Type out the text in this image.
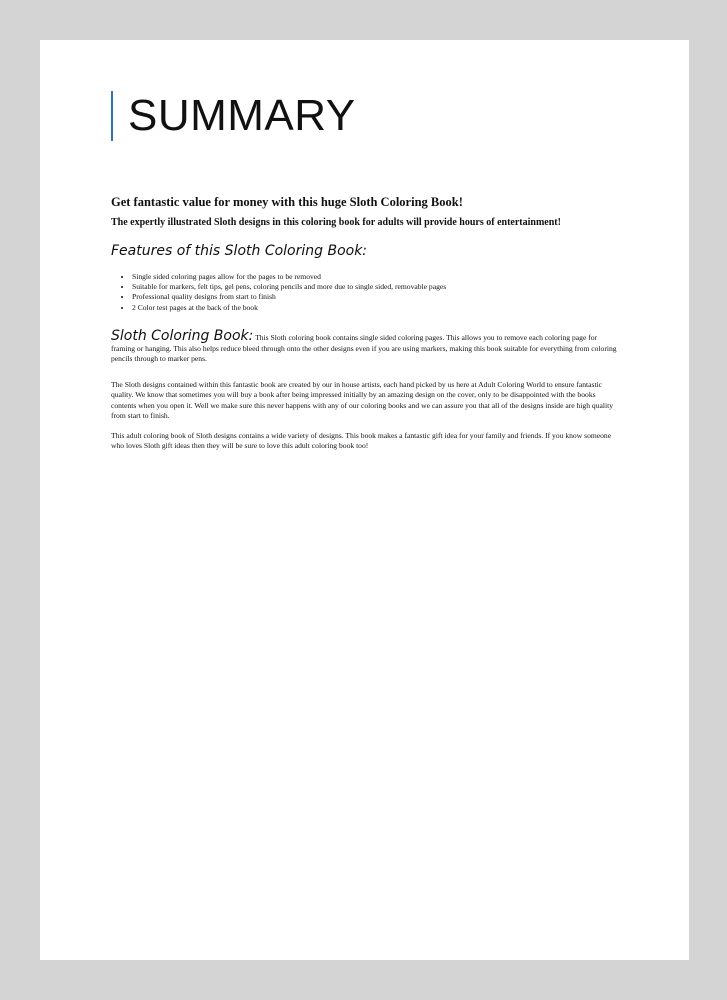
SUMMARY
Get fantastic value for money with this huge Sloth Coloring Book!
The expertly illustrated Sloth designs in this coloring book for adults will provide hours of entertainment!
Features of this Sloth Coloring Book:
• Single sided coloring pages allow for the pages to be removed
• Suitable for markers, felt tips, gel pens, coloring pencils and more due to single sided, removable pages
• Professional quality designs from start to finish
• 2 Color test pages at the back of the book

Sloth Coloring Book: This Sloth coloring book contains single sided coloring pages. This allows you to remove each coloring page for framing or hanging. This also helps reduce bleed through onto the other designs even if you are using markers, making this book suitable for everything from coloring pencils through to marker pens.

The Sloth designs contained within this fantastic book are created by our in house artists, each hand picked by us here at Adult Coloring World to ensure fantastic quality. We know that sometimes you will buy a book after being impressed initially by an amazing design on the cover, only to be disappointed with the books contents when you open it. Well we make sure this never happens with any of our coloring books and we can assure you that all of the designs inside are high quality from start to finish.

This adult coloring book of Sloth designs contains a wide variety of designs. This book makes a fantastic gift idea for your family and friends. If you know someone who loves Sloth gift ideas then they will be sure to love this adult coloring book too!
